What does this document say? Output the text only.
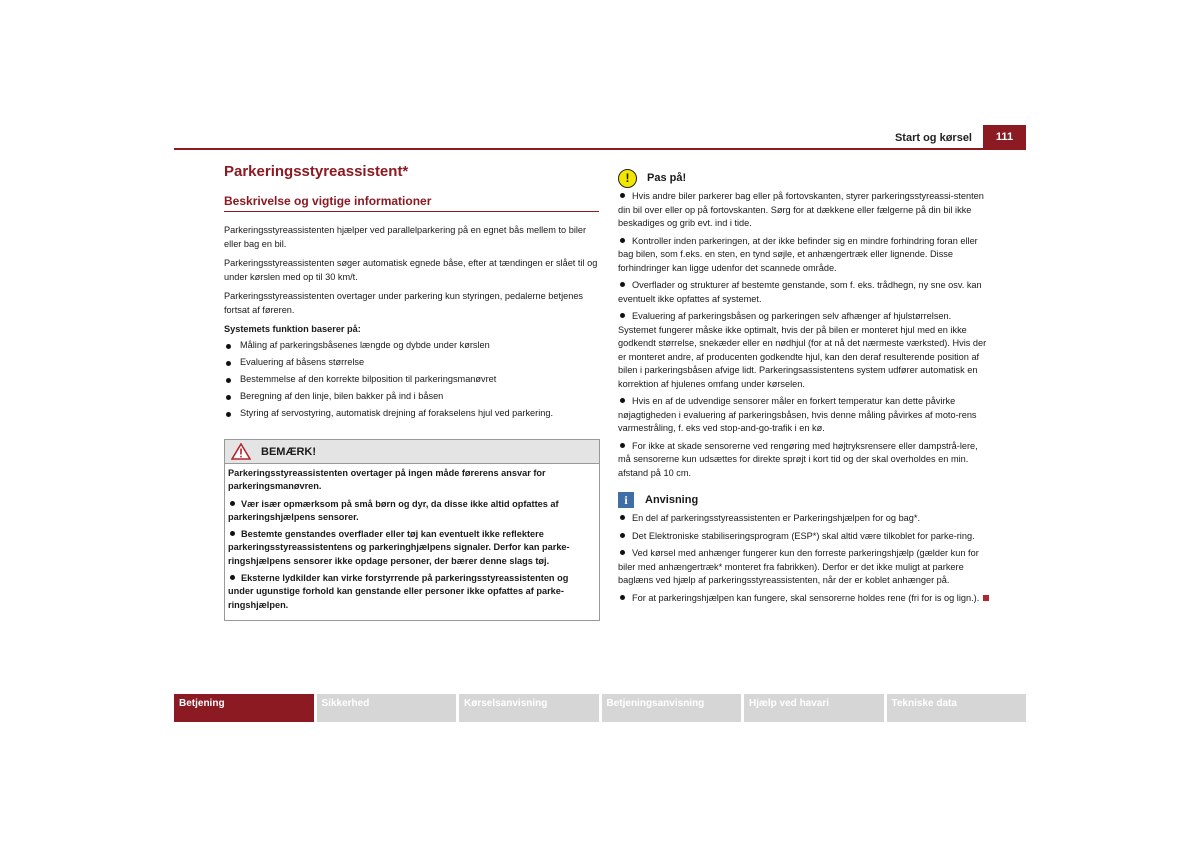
Start og kørsel	111
Parkeringsstyreassistent*
Beskrivelse og vigtige informationer

Parkeringsstyreassistenten hjælper ved parallelparkering på en egnet bås mellem to biler eller bag en bil.

Parkeringsstyreassistenten søger automatisk egnede båse, efter at tændingen er slået til og under kørslen med op til 30 km/t.

Parkeringsstyreassistenten overtager under parkering kun styringen, pedalerne betjenes fortsat af føreren.

Systemets funktion baserer på:

Måling af parkeringsbåsenes længde og dybde under kørslen
Evaluering af båsens størrelse
Bestemmelse af den korrekte bilposition til parkeringsmanøvret
Beregning af den linje, bilen bakker på ind i båsen
Styring af servostyring, automatisk drejning af forakselens hjul ved parkering.
BEMÆRK!

Parkeringsstyreassistenten overtager på ingen måde førerens ansvar for parkeringsmanøvren.

Vær især opmærksom på små børn og dyr, da disse ikke altid opfattes af parkeringshjælpens sensorer.

Bestemte genstandes overflader eller tøj kan eventuelt ikke reflektere parkeringsstyreassistentens og parkeringhjælpens signaler. Derfor kan parke-ringshjælpens sensorer ikke opdage personer, der bærer denne slags tøj.

Eksterne lydkilder kan virke forstyrrende på parkeringsstyreassistenten og under ugunstige forhold kan genstande eller personer ikke opfattes af parke-ringshjælpen.

!	Pas på!

Hvis andre biler parkerer bag eller på fortovskanten, styrer parkeringsstyreassi-stenten din bil over eller op på fortovskanten. Sørg for at dækkene eller fælgerne på din bil ikke beskadiges og grib evt. ind i tide.

Kontroller inden parkeringen, at der ikke befinder sig en mindre forhindring foran eller bag bilen, som f.eks. en sten, en tynd søjle, et anhængertræk eller lignende. Disse forhindringer kan ligge udenfor det scannede område.

Overflader og strukturer af bestemte genstande, som f. eks. trådhegn, ny sne osv. kan eventuelt ikke opfattes af systemet.

Evaluering af parkeringsbåsen og parkeringen selv afhænger af hjulstørrelsen. Systemet fungerer måske ikke optimalt, hvis der på bilen er monteret hjul med en ikke godkendt størrelse, snekæder eller en nødhjul (for at nå det nærmeste værksted). Hvis der er monteret andre, af producenten godkendte hjul, kan den deraf resulterende position af bilen i parkeringsbåsen afvige lidt. Parkeringsassistentens system udfører automatisk en korrektion af hjulenes omfang under kørselen.

Hvis en af de udvendige sensorer måler en forkert temperatur kan dette påvirke nøjagtigheden i evaluering af parkeringsbåsen, hvis denne måling påvirkes af moto-rens varmestråling, f. eks ved stop-and-go-trafik i en kø.

For ikke at skade sensorerne ved rengøring med højtryksrensere eller dampstrå-lere, må sensorerne kun udsættes for direkte sprøjt i kort tid og der skal overholdes en min. afstand på 10 cm.

i	Anvisning

En del af parkeringsstyreassistenten er Parkeringshjælpen for og bag*.

Det Elektroniske stabiliseringsprogram (ESP*) skal altid være tilkoblet for parke-ring.

Ved kørsel med anhænger fungerer kun den forreste parkeringshjælp (gælder kun for biler med anhængertræk* monteret fra fabrikken). Derfor er det ikke muligt at parkere baglæns ved hjælp af parkeringsstyreassistenten, når der er koblet anhænger på.

For at parkeringshjælpen kan fungere, skal sensorerne holdes rene (fri for is og lign.).

Betjening	Sikkerhed	Kørselsanvisning	Betjeningsanvisning	Hjælp ved havari	Tekniske data
